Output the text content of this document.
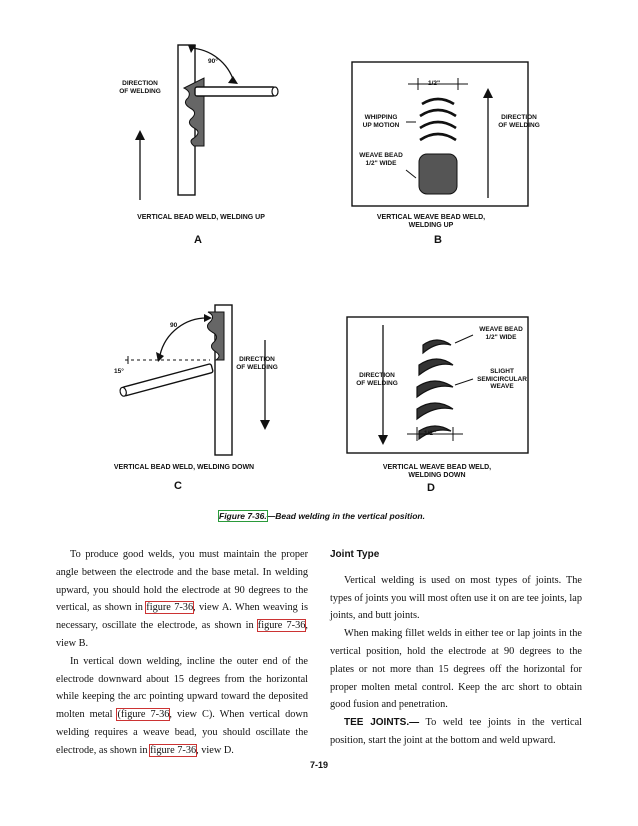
90°
DIRECTION
OF WELDING
VERTICAL BEAD WELD, WELDING UP
A
1/2"
WHIPPING
UP MOTION
DIRECTION
OF WELDING
WEAVE BEAD
1/2" WIDE
VERTICAL WEAVE BEAD WELD,
WELDING UP
B
90
15°
DIRECTION
OF WELDING
VERTICAL BEAD WELD, WELDING DOWN
C
WEAVE BEAD
1/2" WIDE
DIRECTION
OF WELDING
SLIGHT
SEMICIRCULAR
WEAVE
1/2"
VERTICAL WEAVE BEAD WELD,
WELDING DOWN
D
Figure 7-36.—Bead welding in the vertical position.

To produce good welds, you must maintain the proper angle between the electrode and the base metal. In welding upward, you should hold the electrode at 90 degrees to the vertical, as shown in figure 7-36, view A. When weaving is necessary, oscillate the electrode, as shown in figure 7-36, view B.

In vertical down welding, incline the outer end of the electrode downward about 15 degrees from the horizontal while keeping the arc pointing upward toward the deposited molten metal (figure 7-36, view C). When vertical down welding requires a weave bead, you should oscillate the electrode, as shown in figure 7-36, view D.

Joint Type

Vertical welding is used on most types of joints. The types of joints you will most often use it on are tee joints, lap joints, and butt joints.

When making fillet welds in either tee or lap joints in the vertical position, hold the electrode at 90 degrees to the plates or not more than 15 degrees off the horizontal for proper molten metal control. Keep the arc short to obtain good fusion and penetration.

TEE JOINTS.— To weld tee joints in the vertical position, start the joint at the bottom and weld upward.

7-19
